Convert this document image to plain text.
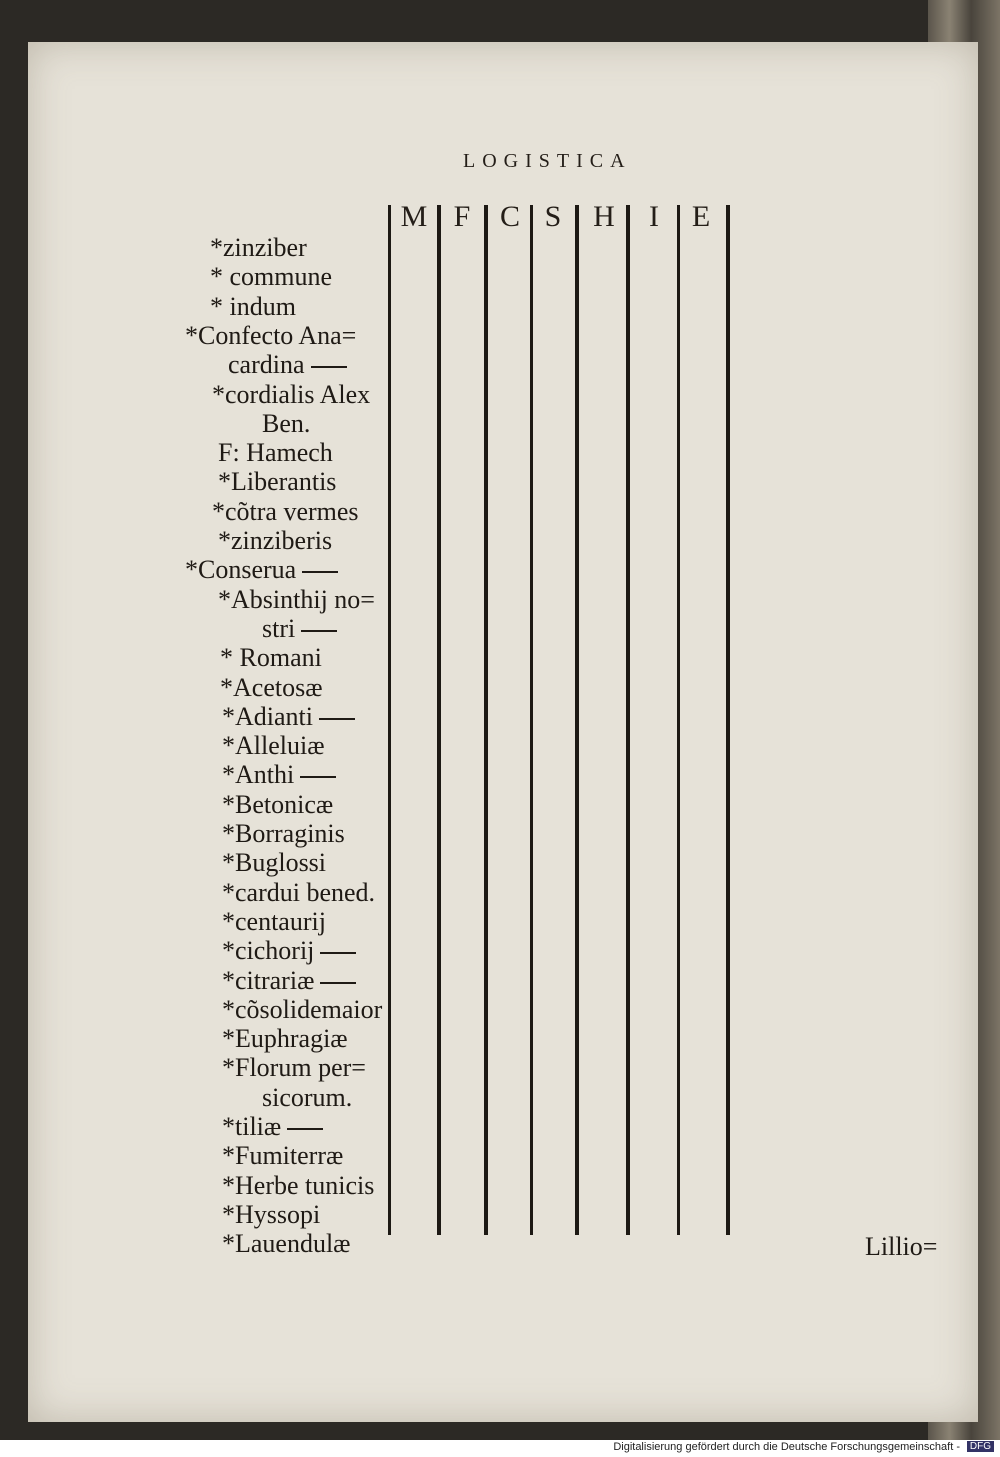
LOGISTICA
M F C S	H	I	E
*zinziber
* commune
* indum
*Confecto Ana=
cardina
*cordialis Alex
Ben.
F: Hamech
*Liberantis
*cõtra vermes
*zinziberis
*Conserua
*Absinthij no=
stri
* Romani
*Acetosæ
*Adianti
*Alleluiæ
*Anthi
*Betonicæ
*Borraginis
*Buglossi
*cardui bened.
*centaurij
*cichorij
*citrariæ
*cõsolidemaior
*Euphragiæ
*Florum per=
sicorum.
*tiliæ
*Fumiterræ
*Herbe tunicis
*Hyssopi
*Lauendulæ	Lillio=
Digitalisierung gefördert durch die Deutsche Forschungsgemeinschaft - DFG
